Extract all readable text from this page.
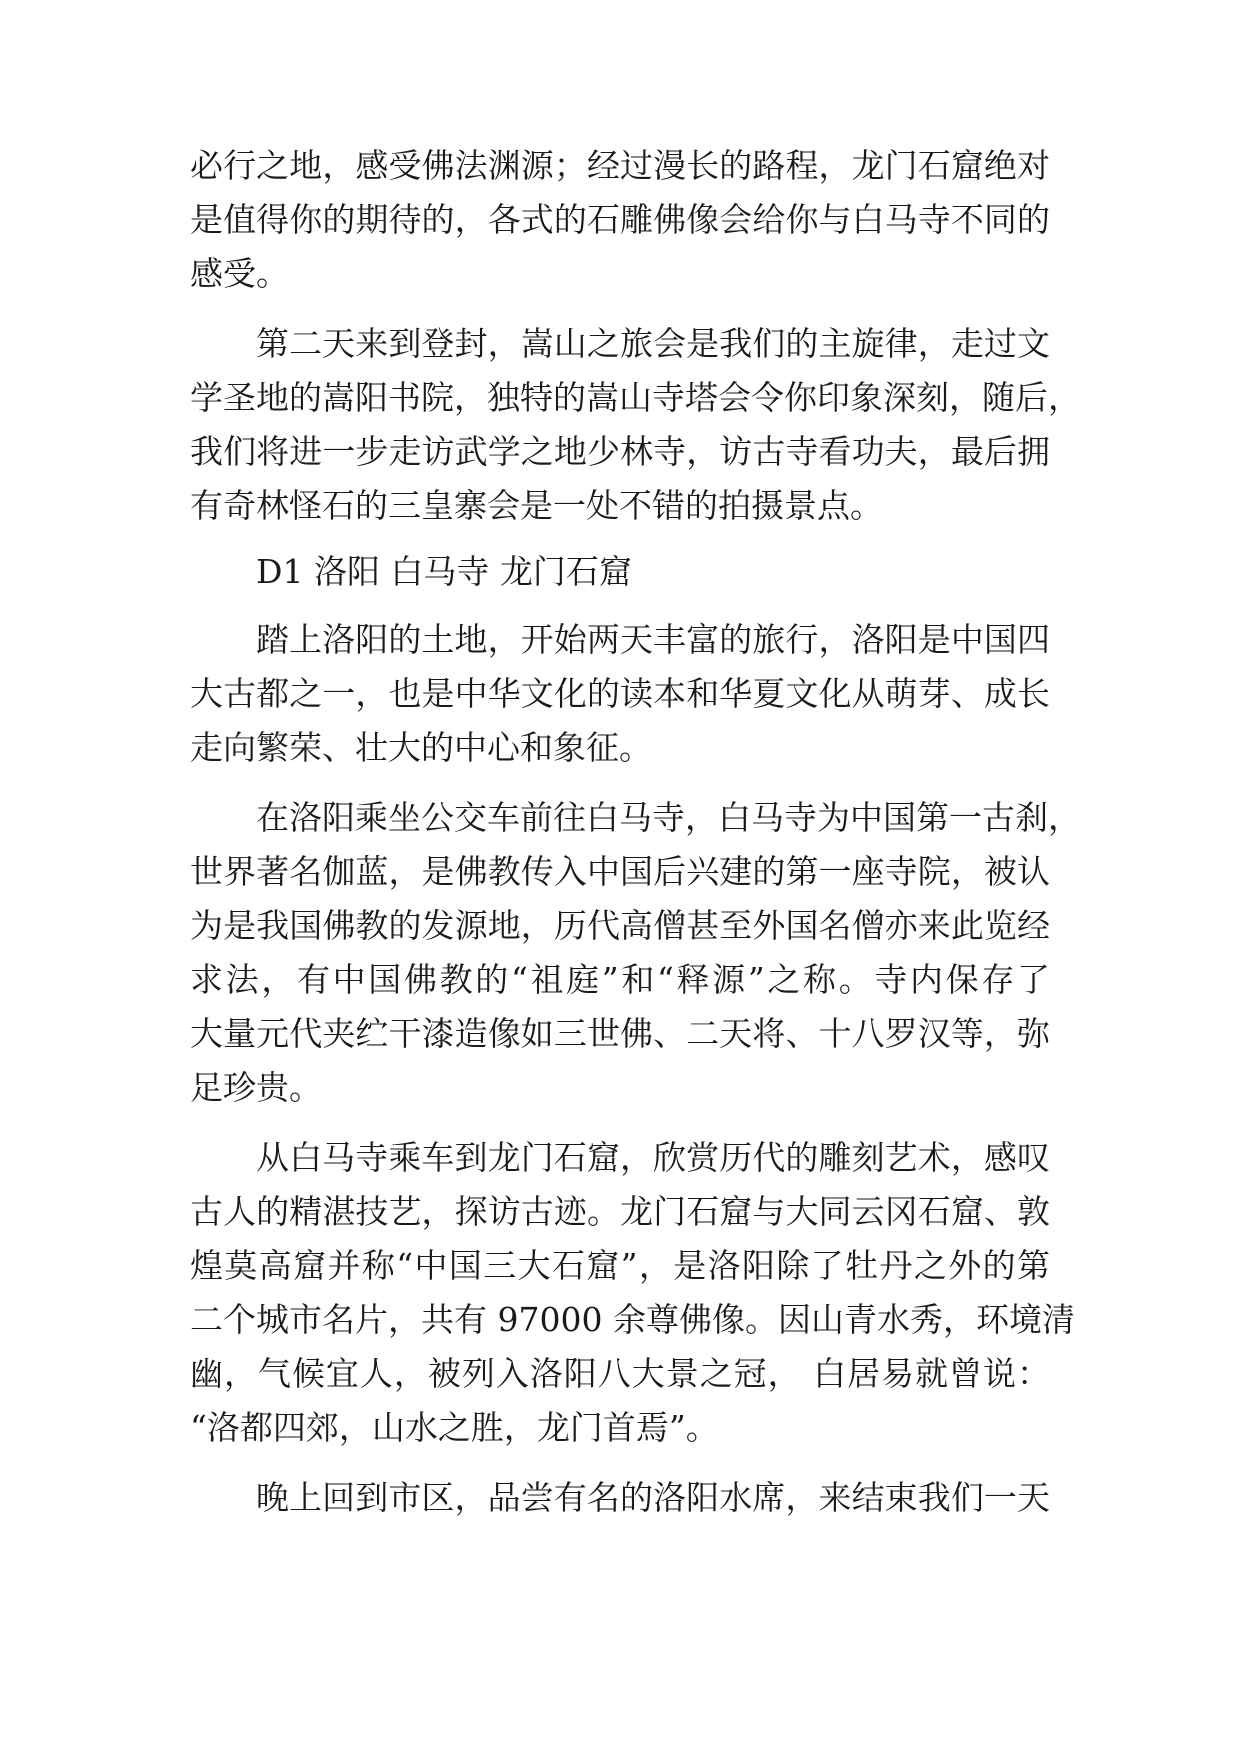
必行之地，感受佛法渊源；经过漫长的路程，龙门石窟绝对
是值得你的期待的，各式的石雕佛像会给你与白马寺不同的
感受。
第二天来到登封，嵩山之旅会是我们的主旋律，走过文
学圣地的嵩阳书院，独特的嵩山寺塔会令你印象深刻，随后，
我们将进一步走访武学之地少林寺，访古寺看功夫，最后拥
有奇林怪石的三皇寨会是一处不错的拍摄景点。
D1 洛阳 白马寺 龙门石窟
踏上洛阳的土地，开始两天丰富的旅行，洛阳是中国四
大古都之一，也是中华文化的读本和华夏文化从萌芽、成长
走向繁荣、壮大的中心和象征。
在洛阳乘坐公交车前往白马寺，白马寺为中国第一古刹，
世界著名伽蓝，是佛教传入中国后兴建的第一座寺院，被认
为是我国佛教的发源地，历代高僧甚至外国名僧亦来此览经
求法，有中国佛教的“祖庭”和“释源”之称。寺内保存了
大量元代夹纻干漆造像如三世佛、二天将、十八罗汉等，弥
足珍贵。
从白马寺乘车到龙门石窟，欣赏历代的雕刻艺术，感叹
古人的精湛技艺，探访古迹。龙门石窟与大同云冈石窟、敦
煌莫高窟并称“中国三大石窟”，是洛阳除了牡丹之外的第
二个城市名片，共有 97000 余尊佛像。因山青水秀，环境清
幽，气候宜人，被列入洛阳八大景之冠， 白居易就曾说：
“洛都四郊，山水之胜，龙门首焉”。
晚上回到市区，品尝有名的洛阳水席，来结束我们一天
